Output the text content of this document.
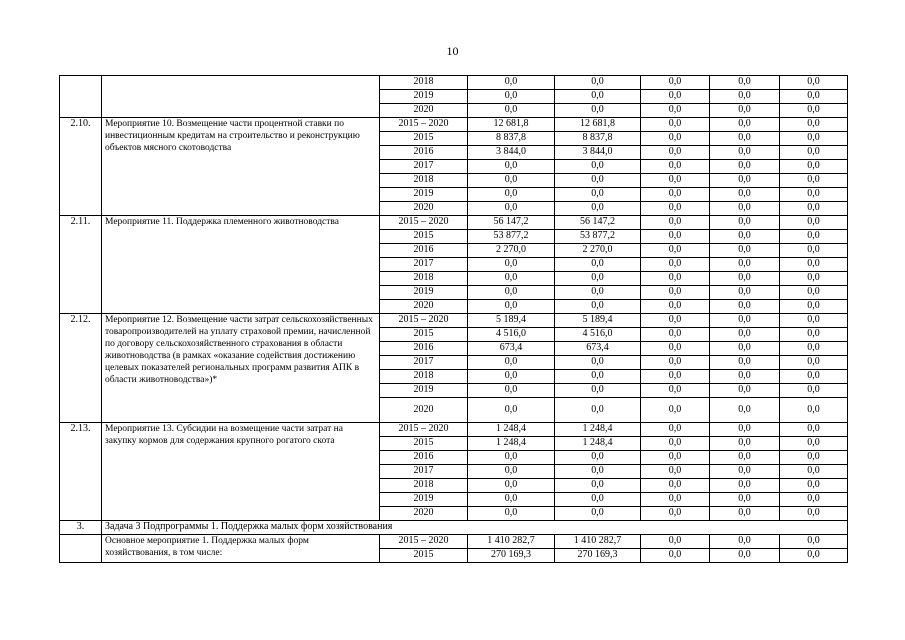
10
		2018	0,0	0,0	0,0	0,0	0,0
		2019	0,0	0,0	0,0	0,0	0,0
		2020	0,0	0,0	0,0	0,0	0,0
2.10.	Мероприятие 10. Возмещение части процентной ставки по инвестиционным кредитам на строительство и реконструкцию объектов мясного скотоводства	2015 – 2020	12 681,8	12 681,8	0,0	0,0	0,0
		2015	8 837,8	8 837,8	0,0	0,0	0,0
		2016	3 844,0	3 844,0	0,0	0,0	0,0
		2017	0,0	0,0	0,0	0,0	0,0
		2018	0,0	0,0	0,0	0,0	0,0
		2019	0,0	0,0	0,0	0,0	0,0
		2020	0,0	0,0	0,0	0,0	0,0
2.11.	Мероприятие 11. Поддержка племенного животноводства	2015 – 2020	56 147,2	56 147,2	0,0	0,0	0,0
		2015	53 877,2	53 877,2	0,0	0,0	0,0
		2016	2 270,0	2 270,0	0,0	0,0	0,0
		2017	0,0	0,0	0,0	0,0	0,0
		2018	0,0	0,0	0,0	0,0	0,0
		2019	0,0	0,0	0,0	0,0	0,0
		2020	0,0	0,0	0,0	0,0	0,0
2.12.	Мероприятие 12. Возмещение части затрат сельскохозяйственных товаропроизводителей на уплату страховой премии, начисленной по договору сельскохозяйственного страхования в области животноводства (в рамках «оказание содействия достижению целевых показателей региональных программ развития АПК в области животноводства»)*	2015 – 2020	5 189,4	5 189,4	0,0	0,0	0,0
		2015	4 516,0	4 516,0	0,0	0,0	0,0
		2016	673,4	673,4	0,0	0,0	0,0
		2017	0,0	0,0	0,0	0,0	0,0
		2018	0,0	0,0	0,0	0,0	0,0
		2019	0,0	0,0	0,0	0,0	0,0
		2020	0,0	0,0	0,0	0,0	0,0
2.13.	Мероприятие 13. Субсидии на возмещение части затрат на закупку кормов для содержания крупного рогатого скота	2015 – 2020	1 248,4	1 248,4	0,0	0,0	0,0
		2015	1 248,4	1 248,4	0,0	0,0	0,0
		2016	0,0	0,0	0,0	0,0	0,0
		2017	0,0	0,0	0,0	0,0	0,0
		2018	0,0	0,0	0,0	0,0	0,0
		2019	0,0	0,0	0,0	0,0	0,0
		2020	0,0	0,0	0,0	0,0	0,0
3.	Задача 3 Подпрограммы 1. Поддержка малых форм хозяйствования						
	Основное мероприятие 1. Поддержка малых форм хозяйствования, в том числе:	2015 – 2020	1 410 282,7	1 410 282,7	0,0	0,0	0,0
		2015	270 169,3	270 169,3	0,0	0,0	0,0
